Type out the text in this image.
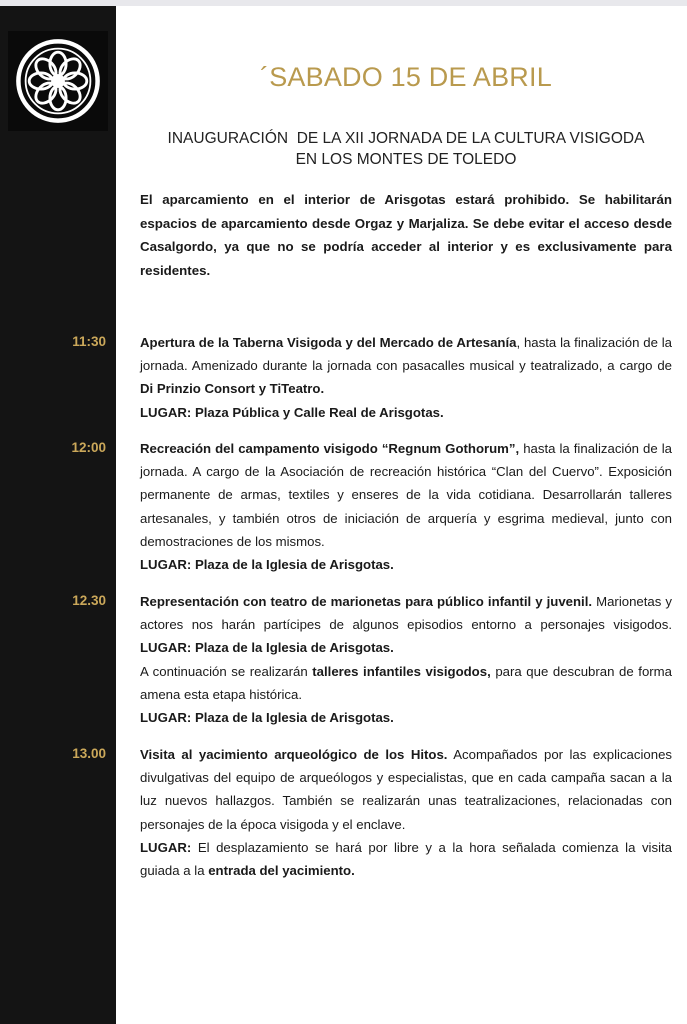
11:30
12:00
12.30
13.00
´SABADO 15 DE ABRIL
INAUGURACIÓN  DE LA XII JORNADA DE LA CULTURA VISIGODA
EN LOS MONTES DE TOLEDO
El aparcamiento en el interior de Arisgotas estará prohibido. Se habilitarán espacios de aparcamiento desde Orgaz y Marjaliza. Se debe evitar el acceso desde Casalgordo, ya que no se podría acceder al interior y es exclusivamente para residentes.

Apertura de la Taberna Visigoda y del Mercado de Artesanía, hasta la finalización de la jornada. Amenizado durante la jornada con pasacalles musical y teatralizado, a cargo de Di Prinzio Consort y TiTeatro.

LUGAR: Plaza Pública y Calle Real de Arisgotas.

Recreación del campamento visigodo “Regnum Gothorum”, hasta la finalización de la jornada. A cargo de la Asociación de recreación histórica “Clan del Cuervo”. Exposición permanente de armas, textiles y enseres de la vida cotidiana. Desarrollarán talleres artesanales, y también otros de iniciación de arquería y esgrima medieval, junto con demostraciones de los mismos.

LUGAR: Plaza de la Iglesia de Arisgotas.

Representación con teatro de marionetas para público infantil y juvenil. Marionetas y actores nos harán partícipes de algunos episodios entorno a personajes visigodos. LUGAR: Plaza de la Iglesia de Arisgotas.

A continuación se realizarán talleres infantiles visigodos, para que descubran de forma amena esta etapa histórica.

LUGAR: Plaza de la Iglesia de Arisgotas.

Visita al yacimiento arqueológico de los Hitos. Acompañados por las explicaciones divulgativas del equipo de arqueólogos y especialistas, que en cada campaña sacan a la luz nuevos hallazgos. También se realizarán unas teatralizaciones, relacionadas con personajes de la época visigoda y el enclave.

LUGAR: El desplazamiento se hará por libre y a la hora señalada comienza la visita guiada a la entrada del yacimiento.
